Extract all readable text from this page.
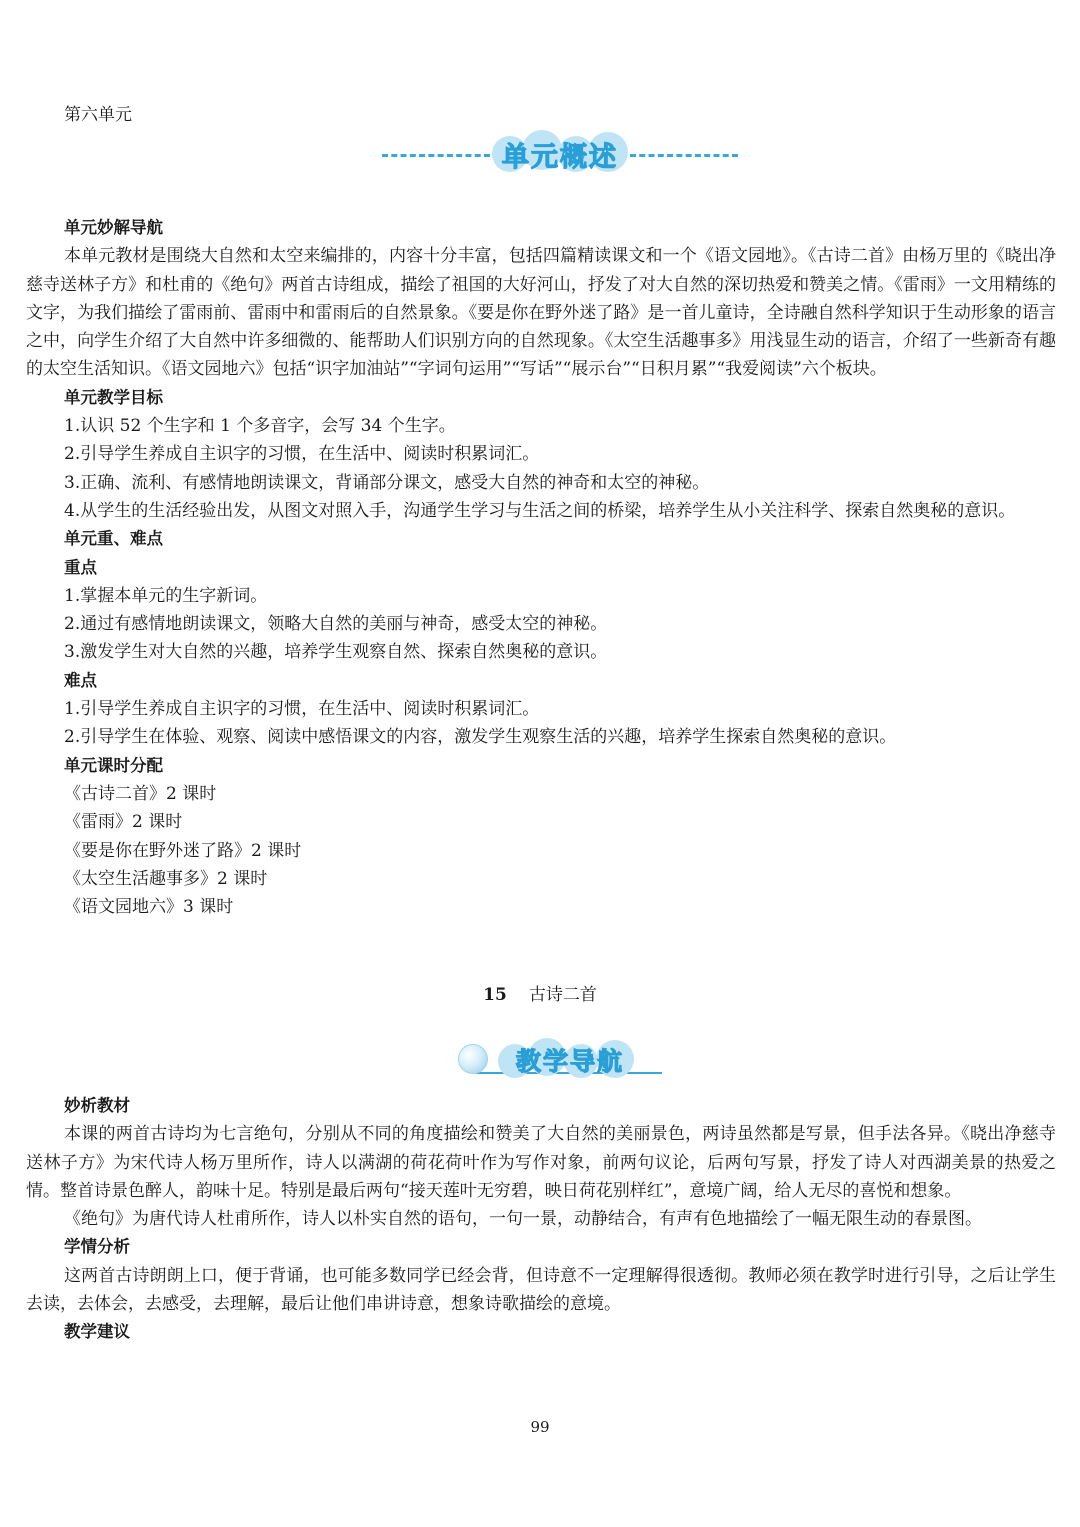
第六单元
单元概述
单元妙解导航
本单元教材是围绕大自然和太空来编排的，内容十分丰富，包括四篇精读课文和一个《语文园地》。《古诗二首》由杨万里的《晓出净慈寺送林子方》和杜甫的《绝句》两首古诗组成，描绘了祖国的大好河山，抒发了对大自然的深切热爱和赞美之情。《雷雨》一文用精练的文字，为我们描绘了雷雨前、雷雨中和雷雨后的自然景象。《要是你在野外迷了路》是一首儿童诗，全诗融自然科学知识于生动形象的语言之中，向学生介绍了大自然中许多细微的、能帮助人们识别方向的自然现象。《太空生活趣事多》用浅显生动的语言，介绍了一些新奇有趣的太空生活知识。《语文园地六》包括“识字加油站”“字词句运用”“写话”“展示台”“日积月累”“我爱阅读”六个板块。
单元教学目标
1.认识 52 个生字和 1 个多音字，会写 34 个生字。
2.引导学生养成自主识字的习惯，在生活中、阅读时积累词汇。
3.正确、流利、有感情地朗读课文，背诵部分课文，感受大自然的神奇和太空的神秘。
4.从学生的生活经验出发，从图文对照入手，沟通学生学习与生活之间的桥梁，培养学生从小关注科学、探索自然奥秘的意识。
单元重、难点
重点
1.掌握本单元的生字新词。
2.通过有感情地朗读课文，领略大自然的美丽与神奇，感受太空的神秘。
3.激发学生对大自然的兴趣，培养学生观察自然、探索自然奥秘的意识。
难点
1.引导学生养成自主识字的习惯，在生活中、阅读时积累词汇。
2.引导学生在体验、观察、阅读中感悟课文的内容，激发学生观察生活的兴趣，培养学生探索自然奥秘的意识。
单元课时分配
《古诗二首》2 课时
《雷雨》2 课时
《要是你在野外迷了路》2 课时
《太空生活趣事多》2 课时
《语文园地六》3 课时
15 古诗二首
教学导航
妙析教材
本课的两首古诗均为七言绝句，分别从不同的角度描绘和赞美了大自然的美丽景色，两诗虽然都是写景，但手法各异。《晓出净慈寺送林子方》为宋代诗人杨万里所作，诗人以满湖的荷花荷叶作为写作对象，前两句议论，后两句写景，抒发了诗人对西湖美景的热爱之情。整首诗景色醉人，韵味十足。特别是最后两句“接天莲叶无穷碧，映日荷花别样红”，意境广阔，给人无尽的喜悦和想象。
《绝句》为唐代诗人杜甫所作，诗人以朴实自然的语句，一句一景，动静结合，有声有色地描绘了一幅无限生动的春景图。
学情分析
这两首古诗朗朗上口，便于背诵，也可能多数同学已经会背，但诗意不一定理解得很透彻。教师必须在教学时进行引导，之后让学生去读，去体会，去感受，去理解，最后让他们串讲诗意，想象诗歌描绘的意境。
教学建议
99
